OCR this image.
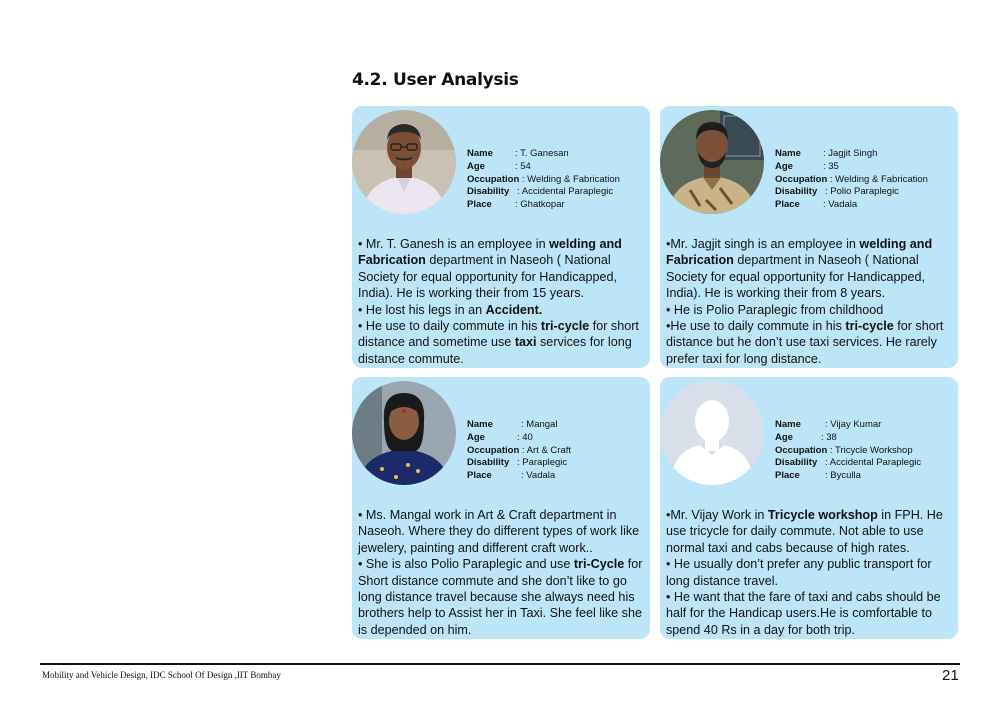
4.2. User Analysis
Name : T. Ganesan
Age	: 54
Occupation : Welding & Fabrication
Disability : Accidental Paraplegic
Place : Ghatkopar
• Mr. T. Ganesh is an employee in welding and Fabrication department in Naseoh ( National Society for equal opportunity for Handicapped, India). He is working their from 15 years.
• He lost his legs in an Accident.
• He use to daily commute in his tri-cycle for short distance and sometime use taxi services for long distance commute.
Name : Jagjit Singh
Age	: 35
Occupation : Welding & Fabrication
Disability : Polio Paraplegic
Place : Vadala
•Mr. Jagjit singh is an employee in welding and Fabrication department in Naseoh ( National Society for equal opportunity for Handicapped, India). He is working their from 8 years.
• He is Polio Paraplegic from childhood
•He use to daily commute in his tri-cycle for short distance but he don’t use taxi services. He rarely prefer taxi for long distance.
Name	: Mangal
Age	: 40
Occupation : Art & Craft
Disability : Paraplegic
Place	: Vadala
• Ms. Mangal work in Art & Craft department in Naseoh. Where they do different types of work like jewelery, painting and different craft work..
• She is also Polio Paraplegic and use tri-Cycle for Short distance commute and she don’t like to go long distance travel because she always need his brothers help to Assist her in Taxi. She feel like she is depended on him.
Name	: Vijay Kumar
Age	: 38
Occupation : Tricycle Workshop
Disability : Accidental Paraplegic
Place	: Byculla
•Mr. Vijay Work in Tricycle workshop in FPH. He use tricycle for daily commute. Not able to use normal taxi and cabs because of high rates.
• He usually don’t prefer any public transport for long distance travel.
• He want that the fare of taxi and cabs should be half for the Handicap users.He is comfortable to spend 40 Rs in a day for both trip.
Mobility and Vehicle Design, IDC School Of Design ,IIT Bombay	21
